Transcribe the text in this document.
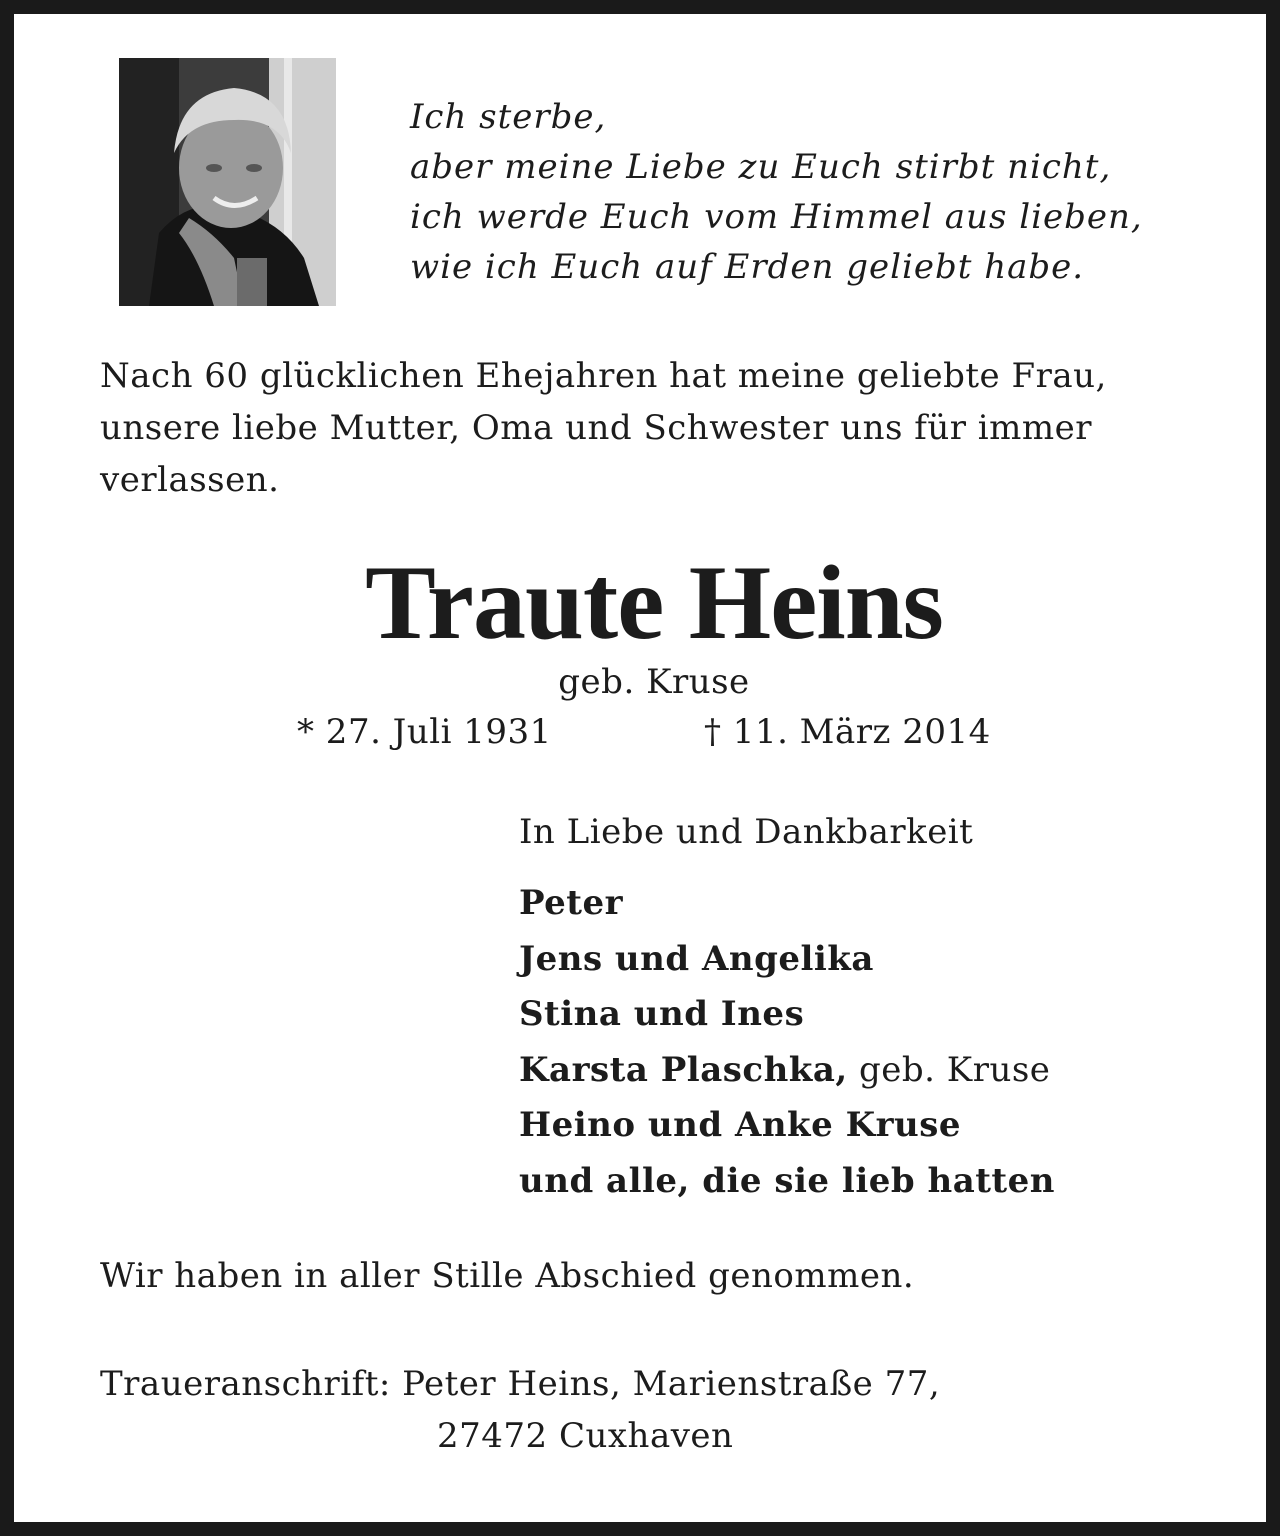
Ich sterbe,
aber meine Liebe zu Euch stirbt nicht,
ich werde Euch vom Himmel aus lieben,
wie ich Euch auf Erden geliebt habe.
Nach 60 glücklichen Ehejahren hat meine geliebte Frau,
unsere liebe Mutter, Oma und Schwester uns für immer
verlassen.
Traute Heins
geb. Kruse
* 27. Juli 1931	† 11. März 2014
In Liebe und Dankbarkeit
Peter
Jens und Angelika
Stina und Ines
Karsta Plaschka, geb. Kruse
Heino und Anke Kruse
und alle, die sie lieb hatten
Wir haben in aller Stille Abschied genommen.
Traueranschrift: Peter Heins, Marienstraße 77,
27472 Cuxhaven
